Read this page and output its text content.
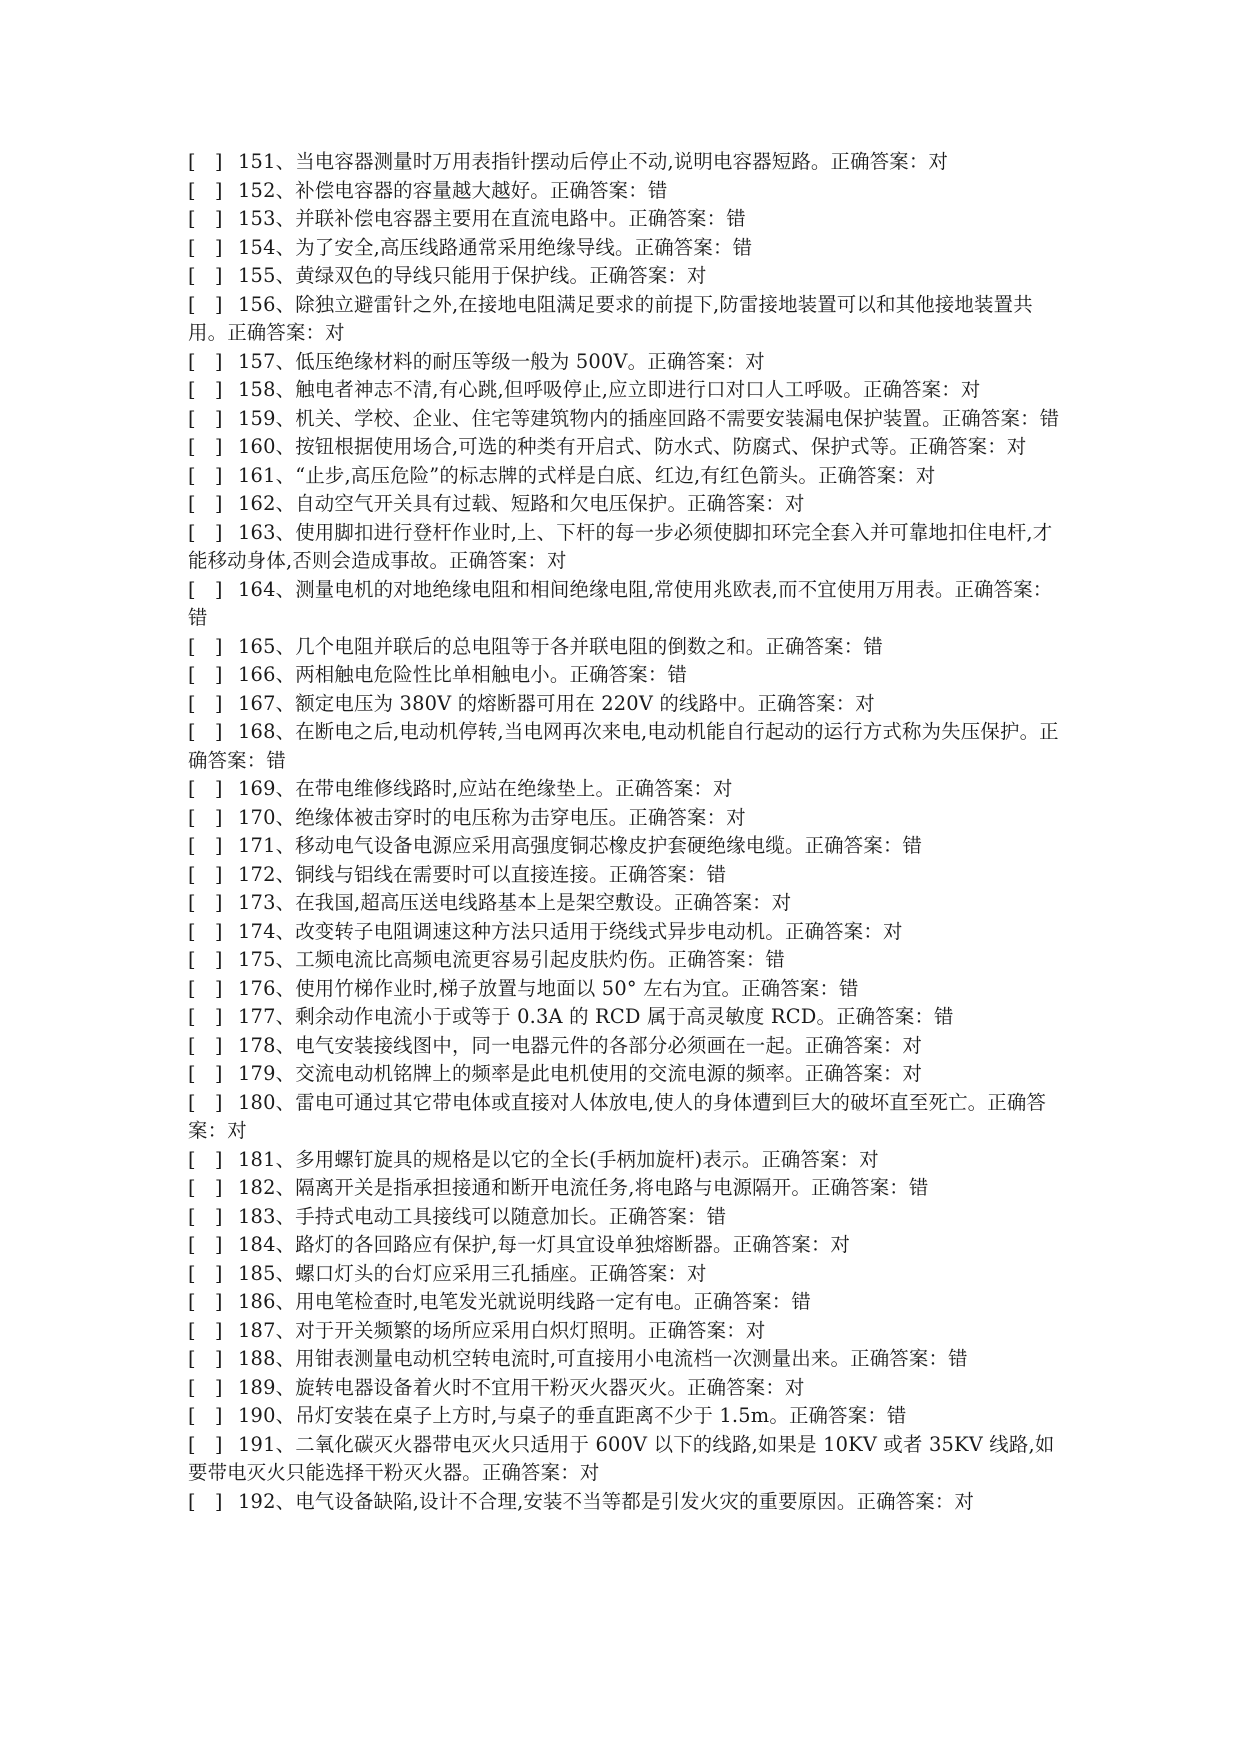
[   ] 151、当电容器测量时万用表指针摆动后停止不动,说明电容器短路。正确答案：对

[   ] 152、补偿电容器的容量越大越好。正确答案：错

[   ] 153、并联补偿电容器主要用在直流电路中。正确答案：错

[   ] 154、为了安全,高压线路通常采用绝缘导线。正确答案：错

[   ] 155、黄绿双色的导线只能用于保护线。正确答案：对

[   ] 156、除独立避雷针之外,在接地电阻满足要求的前提下,防雷接地装置可以和其他接地装置共用。正确答案：对

[   ] 157、低压绝缘材料的耐压等级一般为 500V。正确答案：对

[   ] 158、触电者神志不清,有心跳,但呼吸停止,应立即进行口对口人工呼吸。正确答案：对

[   ] 159、机关、学校、企业、住宅等建筑物内的插座回路不需要安装漏电保护装置。正确答案：错

[   ] 160、按钮根据使用场合,可选的种类有开启式、防水式、防腐式、保护式等。正确答案：对

[   ] 161、“止步,高压危险”的标志牌的式样是白底、红边,有红色箭头。正确答案：对

[   ] 162、自动空气开关具有过载、短路和欠电压保护。正确答案：对

[   ] 163、使用脚扣进行登杆作业时,上、下杆的每一步必须使脚扣环完全套入并可靠地扣住电杆,才能移动身体,否则会造成事故。正确答案：对

[   ] 164、测量电机的对地绝缘电阻和相间绝缘电阻,常使用兆欧表,而不宜使用万用表。正确答案：错

[   ] 165、几个电阻并联后的总电阻等于各并联电阻的倒数之和。正确答案：错

[   ] 166、两相触电危险性比单相触电小。正确答案：错

[   ] 167、额定电压为 380V 的熔断器可用在 220V 的线路中。正确答案：对

[   ] 168、在断电之后,电动机停转,当电网再次来电,电动机能自行起动的运行方式称为失压保护。正确答案：错

[   ] 169、在带电维修线路时,应站在绝缘垫上。正确答案：对

[   ] 170、绝缘体被击穿时的电压称为击穿电压。正确答案：对

[   ] 171、移动电气设备电源应采用高强度铜芯橡皮护套硬绝缘电缆。正确答案：错

[   ] 172、铜线与铝线在需要时可以直接连接。正确答案：错

[   ] 173、在我国,超高压送电线路基本上是架空敷设。正确答案：对

[   ] 174、改变转子电阻调速这种方法只适用于绕线式异步电动机。正确答案：对

[   ] 175、工频电流比高频电流更容易引起皮肤灼伤。正确答案：错

[   ] 176、使用竹梯作业时,梯子放置与地面以 50° 左右为宜。正确答案：错

[   ] 177、剩余动作电流小于或等于 0.3A 的 RCD 属于高灵敏度 RCD。正确答案：错

[   ] 178、电气安装接线图中，同一电器元件的各部分必须画在一起。正确答案：对

[   ] 179、交流电动机铭牌上的频率是此电机使用的交流电源的频率。正确答案：对

[   ] 180、雷电可通过其它带电体或直接对人体放电,使人的身体遭到巨大的破坏直至死亡。正确答案：对

[   ] 181、多用螺钉旋具的规格是以它的全长(手柄加旋杆)表示。正确答案：对

[   ] 182、隔离开关是指承担接通和断开电流任务,将电路与电源隔开。正确答案：错

[   ] 183、手持式电动工具接线可以随意加长。正确答案：错

[   ] 184、路灯的各回路应有保护,每一灯具宜设单独熔断器。正确答案：对

[   ] 185、螺口灯头的台灯应采用三孔插座。正确答案：对

[   ] 186、用电笔检查时,电笔发光就说明线路一定有电。正确答案：错

[   ] 187、对于开关频繁的场所应采用白炽灯照明。正确答案：对

[   ] 188、用钳表测量电动机空转电流时,可直接用小电流档一次测量出来。正确答案：错

[   ] 189、旋转电器设备着火时不宜用干粉灭火器灭火。正确答案：对

[   ] 190、吊灯安装在桌子上方时,与桌子的垂直距离不少于 1.5m。正确答案：错

[   ] 191、二氧化碳灭火器带电灭火只适用于 600V 以下的线路,如果是 10KV 或者 35KV 线路,如要带电灭火只能选择干粉灭火器。正确答案：对

[   ] 192、电气设备缺陷,设计不合理,安装不当等都是引发火灾的重要原因。正确答案：对
